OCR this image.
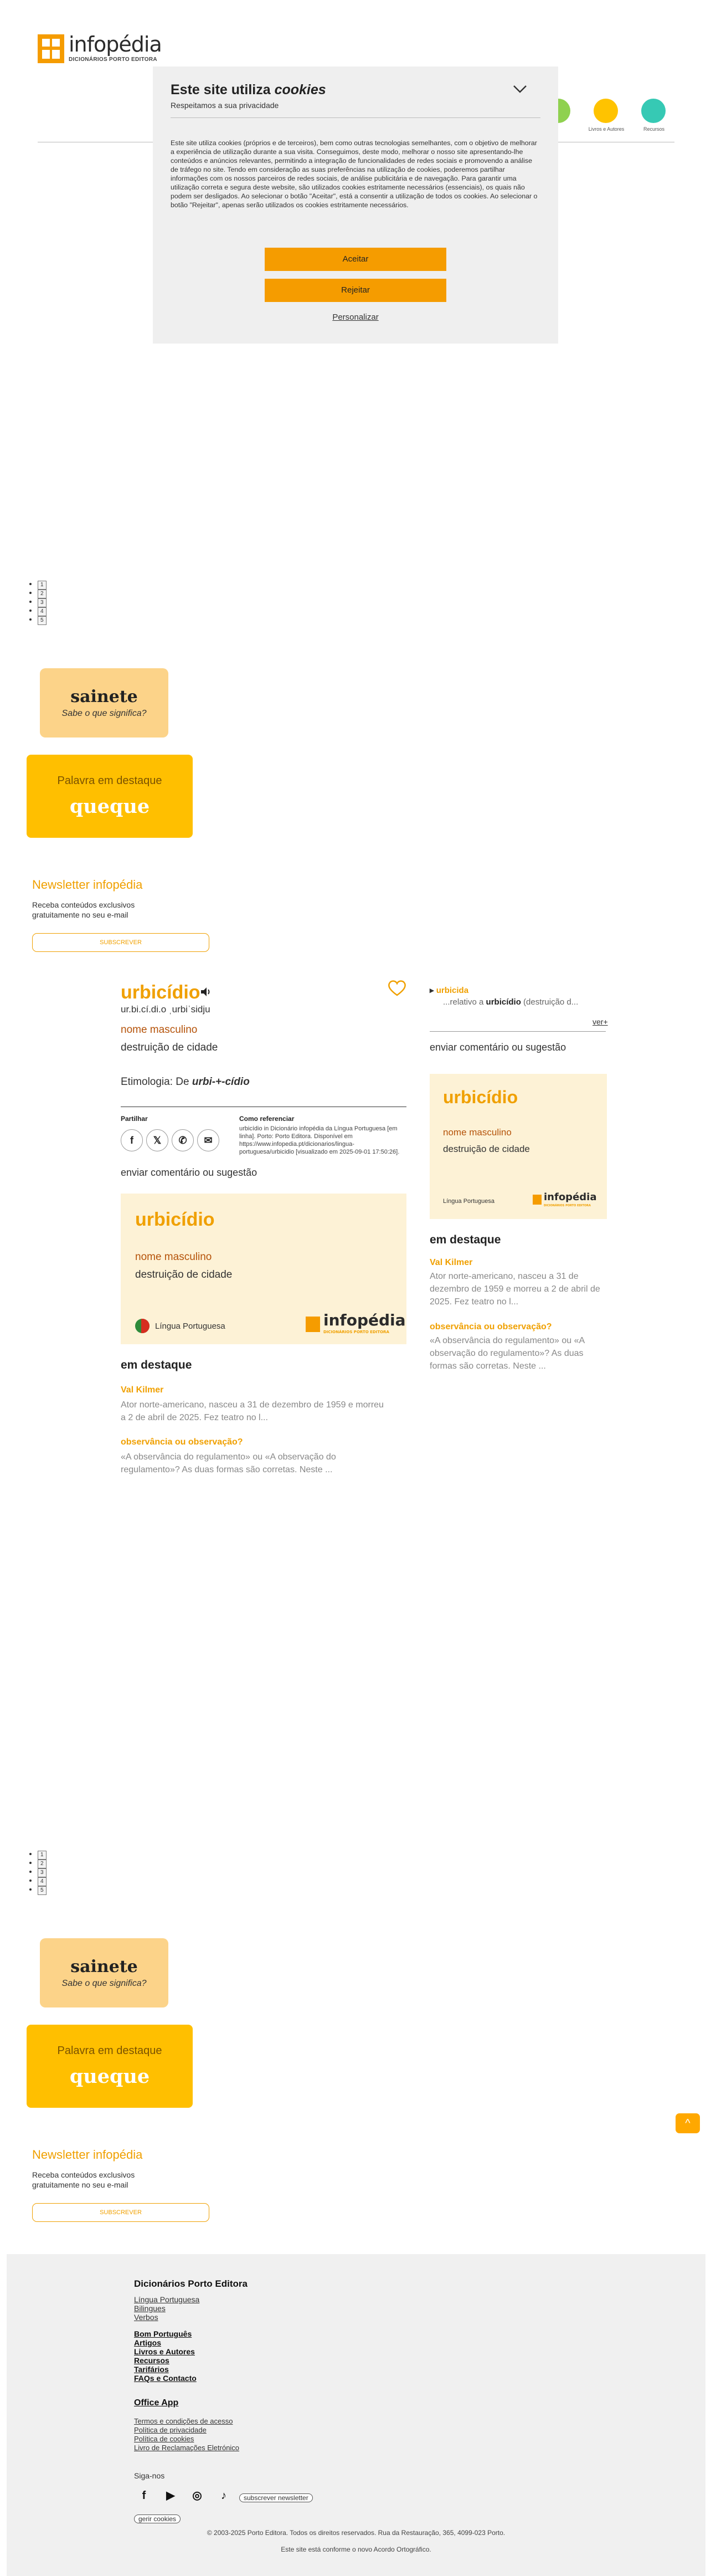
infopédia
DICIONÁRIOS PORTO EDITORA
Livros e Autores	Recursos
Este site utiliza cookies
Respeitamos a sua privacidade
Este site utiliza cookies (próprios e de terceiros), bem como outras tecnologias semelhantes, com o objetivo de melhorar a experiência de utilização durante a sua visita. Conseguimos, deste modo, melhorar o nosso site apresentando-lhe conteúdos e anúncios relevantes, permitindo a integração de funcionalidades de redes sociais e promovendo a análise de tráfego no site. Tendo em consideração as suas preferências na utilização de cookies, poderemos partilhar informações com os nossos parceiros de redes sociais, de análise publicitária e de navegação. Para garantir uma utilização correta e segura deste website, são utilizados cookies estritamente necessários (essenciais), os quais não podem ser desligados. Ao selecionar o botão "Aceitar", está a consentir a utilização de todos os cookies. Ao selecionar o botão "Rejeitar", apenas serão utilizados os cookies estritamente necessários.
Aceitar
Rejeitar
Personalizar
• 1
• 2
• 3
• 4
• 5
sainete
Sabe o que significa?
Palavra em destaque
queque
Newsletter infopédia
Receba conteúdos exclusivos gratuitamente no seu e-mail
SUBSCREVER
urbicídio
ur.bi.cí.di.o ˌurbiˈsidju
nome masculino
destruição de cidade
Etimologia: De urbi-+-cídio
Partilhar
f	𝕏	✆	✉
Como referenciar
urbicídio in Dicionário infopédia da Língua Portuguesa [em linha]. Porto: Porto Editora. Disponível em https://www.infopedia.pt/dicionarios/lingua-portuguesa/urbicidio [visualizado em 2025-09-01 17:50:26].
enviar comentário ou sugestão
urbicídio
nome masculino
destruição de cidade
Língua Portuguesa	infopédia
DICIONÁRIOS PORTO EDITORA
em destaque
Val Kilmer
Ator norte-americano, nasceu a 31 de dezembro de 1959 e morreu a 2 de abril de 2025. Fez teatro no l...
observância ou observação?
«A observância do regulamento» ou «A observação do regulamento»? As duas formas são corretas. Neste ...
▸ urbicida
...relativo a urbicídio (destruição d...
ver+
enviar comentário ou sugestão
urbicídio
nome masculino
destruição de cidade
Língua Portuguesa	infopédia
DICIONÁRIOS PORTO EDITORA
em destaque
Val Kilmer
Ator norte-americano, nasceu a 31 de dezembro de 1959 e morreu a 2 de abril de 2025. Fez teatro no l...
observância ou observação?
«A observância do regulamento» ou «A observação do regulamento»? As duas formas são corretas. Neste ...
• 1
• 2
• 3
• 4
• 5
sainete
Sabe o que significa?
Palavra em destaque
queque
Newsletter infopédia
Receba conteúdos exclusivos gratuitamente no seu e-mail
SUBSCREVER
^
Dicionários Porto Editora
Língua Portuguesa
Bilingues
Verbos
Bom Português
Artigos
Livros e Autores
Recursos
Tarifários
FAQs e Contacto
Office App
Termos e condições de acesso
Política de privacidade
Política de cookies
Livro de Reclamações Eletrónico
Siga-nos
f	▶	◎	♪	subscrever newsletter
gerir cookies
© 2003-2025 Porto Editora. Todos os direitos reservados. Rua da Restauração, 365, 4099-023 Porto.
Este site está conforme o novo Acordo Ortográfico.
